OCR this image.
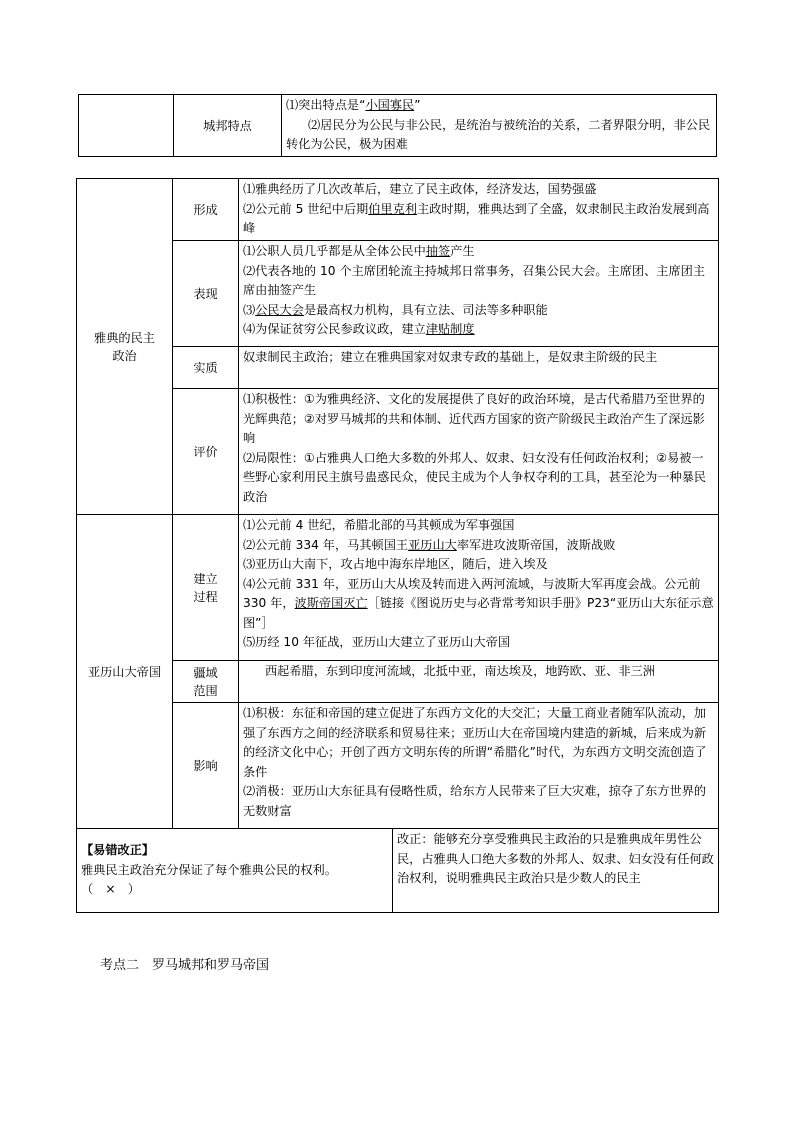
	城邦特点	

⑴突出特点是“小国寡民”

⑵居民分为公民与非公民，是统治与被统治的关系，二者界限分明，非公民转化为公民，极为困难

雅典的民主政治	形成	⑴雅典经历了几次改革后，建立了民主政体，经济发达，国势强盛

⑵公元前 5 世纪中后期伯里克利主政时期，雅典达到了全盛，奴隶制民主政治发展到高峰	

	表现	⑴公职人员几乎都是从全体公民中抽签产生

⑵代表各地的 10 个主席团轮流主持城邦日常事务，召集公民大会。主席团、主席团主席由抽签产生

⑶公民大会是最高权力机构，具有立法、司法等多种职能

⑷为保证贫穷公民参政议政，建立津贴制度	

	实质	奴隶制民主政治；建立在雅典国家对奴隶专政的基础上，是奴隶主阶级的民主	
	评价	⑴积极性：①为雅典经济、文化的发展提供了良好的政治环境，是古代希腊乃至世界的光辉典范；②对罗马城邦的共和体制、近代西方国家的资产阶级民主政治产生了深远影响

⑵局限性：①占雅典人口绝大多数的外邦人、奴隶、妇女没有任何政治权利；②易被一些野心家利用民主旗号蛊惑民众，使民主成为个人争权夺利的工具，甚至沦为一种暴民政治	

亚历山大帝国	建立过程	⑴公元前 4 世纪，希腊北部的马其顿成为军事强国

⑵公元前 334 年，马其顿国王亚历山大率军进攻波斯帝国，波斯战败

⑶亚历山大南下，攻占地中海东岸地区，随后，进入埃及

⑷公元前 331 年，亚历山大从埃及转而进入两河流域，与波斯大军再度会战。公元前 330 年，波斯帝国灭亡［链接《图说历史与必背常考知识手册》P23“亚历山大东征示意图”］

⑸历经 10 年征战，亚历山大建立了亚历山大帝国	

	疆域范围	西起希腊，东到印度河流域，北抵中亚，南达埃及，地跨欧、亚、非三洲	
	影响	⑴积极：东征和帝国的建立促进了东西方文化的大交汇；大量工商业者随军队流动，加强了东西方之间的经济联系和贸易往来；亚历山大在帝国境内建造的新城，后来成为新的经济文化中心；开创了西方文明东传的所谓“希腊化”时代，为东西方文明交流创造了条件

⑵消极：亚历山大东征具有侵略性质，给东方人民带来了巨大灾难，掠夺了东方世界的无数财富	

【易错改正】

雅典民主政治充分保证了每个雅典公民的权利。

（　×　）			改正：能够充分享受雅典民主政治的只是雅典成年男性公民，占雅典人口绝大多数的外邦人、奴隶、妇女没有任何政治权利，说明雅典民主政治只是少数人的民主
考点二　罗马城邦和罗马帝国
